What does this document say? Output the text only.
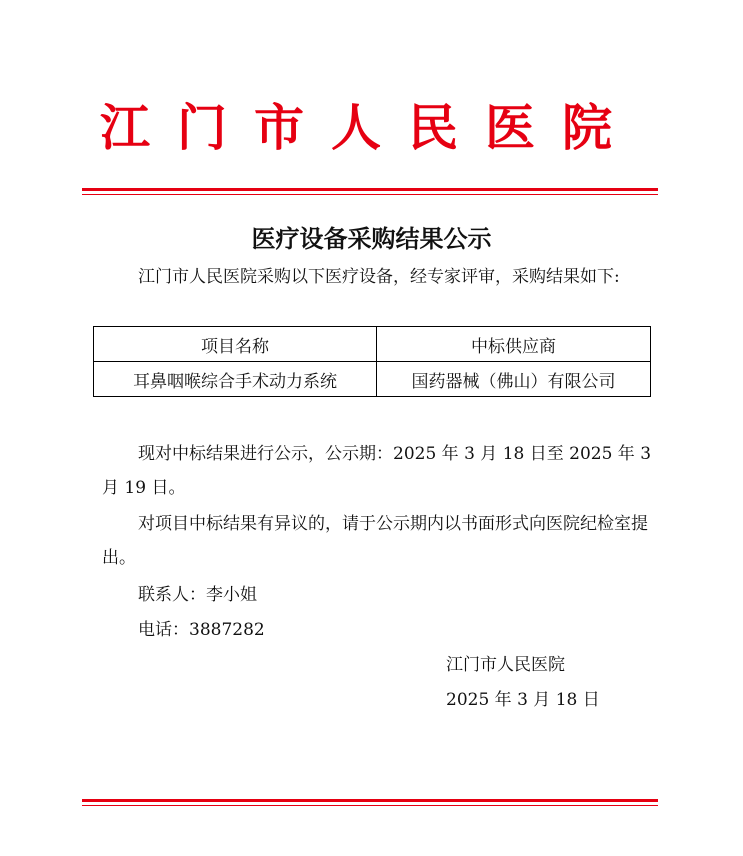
江门市人民医院
医疗设备采购结果公示
江门市人民医院采购以下医疗设备，经专家评审，采购结果如下:
项目名称	中标供应商
耳鼻咽喉综合手术动力系统	国药器械（佛山）有限公司
现对中标结果进行公示，公示期：2025 年 3 月 18 日至 2025 年 3 月 19 日。
对项目中标结果有异议的，请于公示期内以书面形式向医院纪检室提出。
联系人：李小姐
电话：3887282
江门市人民医院
2025 年 3 月 18 日
